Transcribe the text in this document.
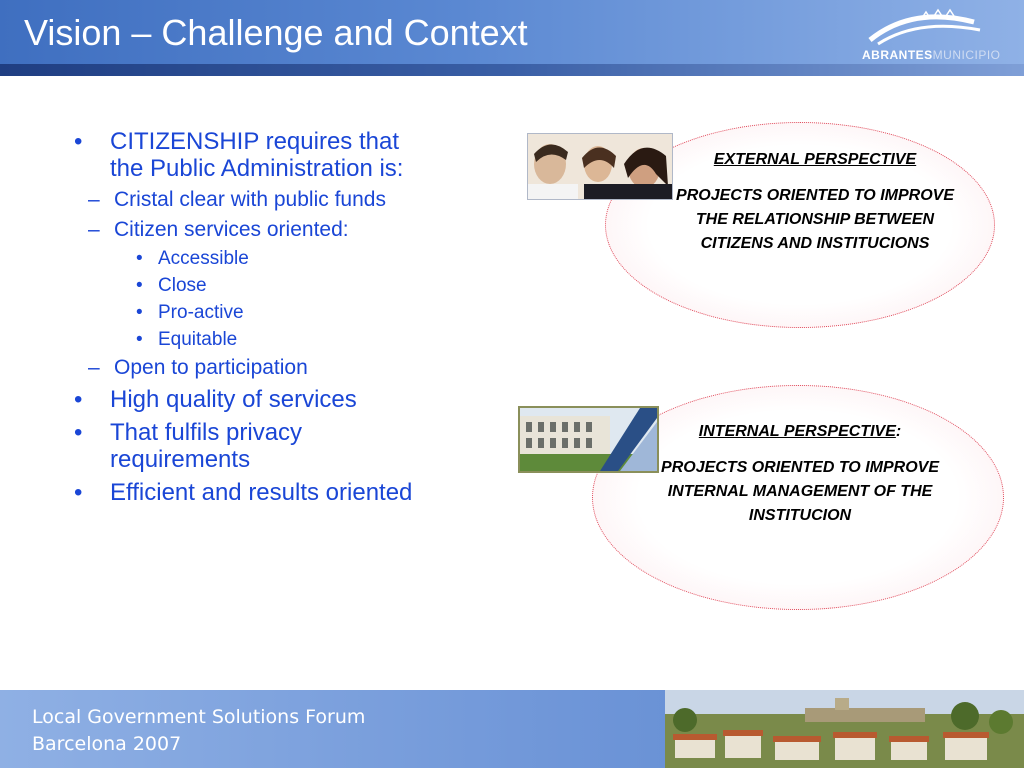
Vision – Challenge and Context
ABRANTESMUNICIPIO
• CITIZENSHIP requires that the Public Administration is:
– Cristal clear with public funds
– Citizen services oriented:
• Accessible
• Close
• Pro-active
• Equitable
– Open to participation
• High quality of services
• That fulfils privacy requirements
• Efficient and results oriented
EXTERNAL PERSPECTIVE
PROJECTS ORIENTED TO IMPROVE THE RELATIONSHIP BETWEEN CITIZENS AND INSTITUCIONS
INTERNAL PERSPECTIVE:
PROJECTS ORIENTED TO IMPROVE INTERNAL MANAGEMENT OF THE INSTITUCION
Local Government Solutions Forum
Barcelona 2007
